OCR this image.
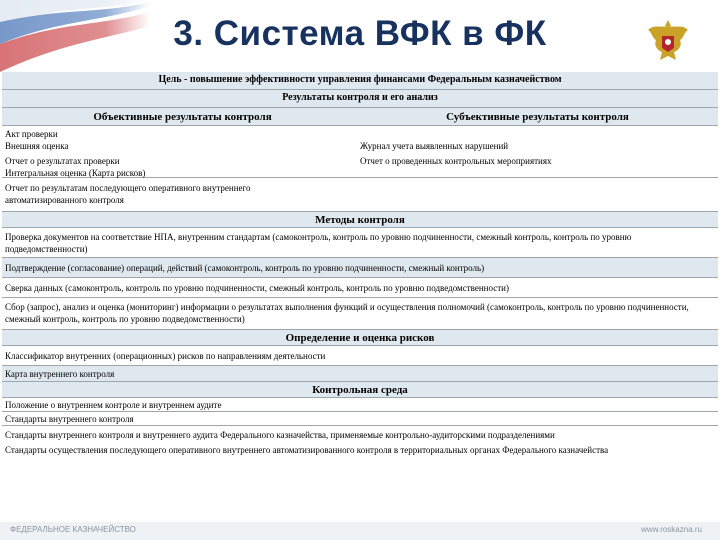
3. Система ВФК в ФК
Цель - повышение эффективности управления финансами Федеральным казначейством
Результаты контроля и его анализ
Объективные результаты контроля	Субъективные результаты контроля
Акт проверки
Внешняя оценка
Отчет о результатах проверки
Интегральная оценка (Карта рисков)
Журнал учета выявленных нарушений
Отчет о проведенных контрольных мероприятиях
Отчет по результатам последующего оперативного внутреннего автоматизированного контроля
Методы контроля
Проверка документов на соответствие НПА, внутренним стандартам (самоконтроль, контроль по уровню подчиненности, смежный контроль, контроль по уровню подведомственности)
Подтверждение (согласование) операций, действий (самоконтроль, контроль по уровню подчиненности, смежный контроль)
Сверка данных (самоконтроль, контроль по уровню подчиненности, смежный контроль, контроль по уровню подведомственности)
Сбор (запрос), анализ и оценка (мониторинг) информации о результатах выполнения функций и осуществления полномочий (самоконтроль, контроль по уровню подчиненности, смежный контроль, контроль по уровню подведомственности)
Определение и оценка рисков
Классификатор внутренних (операционных) рисков по направлениям деятельности
Карта внутреннего контроля
Контрольная среда
Положение о внутреннем контроле и внутреннем аудите
Стандарты внутреннего контроля
Стандарты внутреннего контроля и внутреннего аудита Федерального казначейства, применяемые контрольно-аудиторскими подразделениями
Стандарты осуществления последующего оперативного внутреннего автоматизированного контроля в территориальных органах Федерального казначейства
ФЕДЕРАЛЬНОЕ КАЗНАЧЕЙСТВО	www.roskazna.ru
